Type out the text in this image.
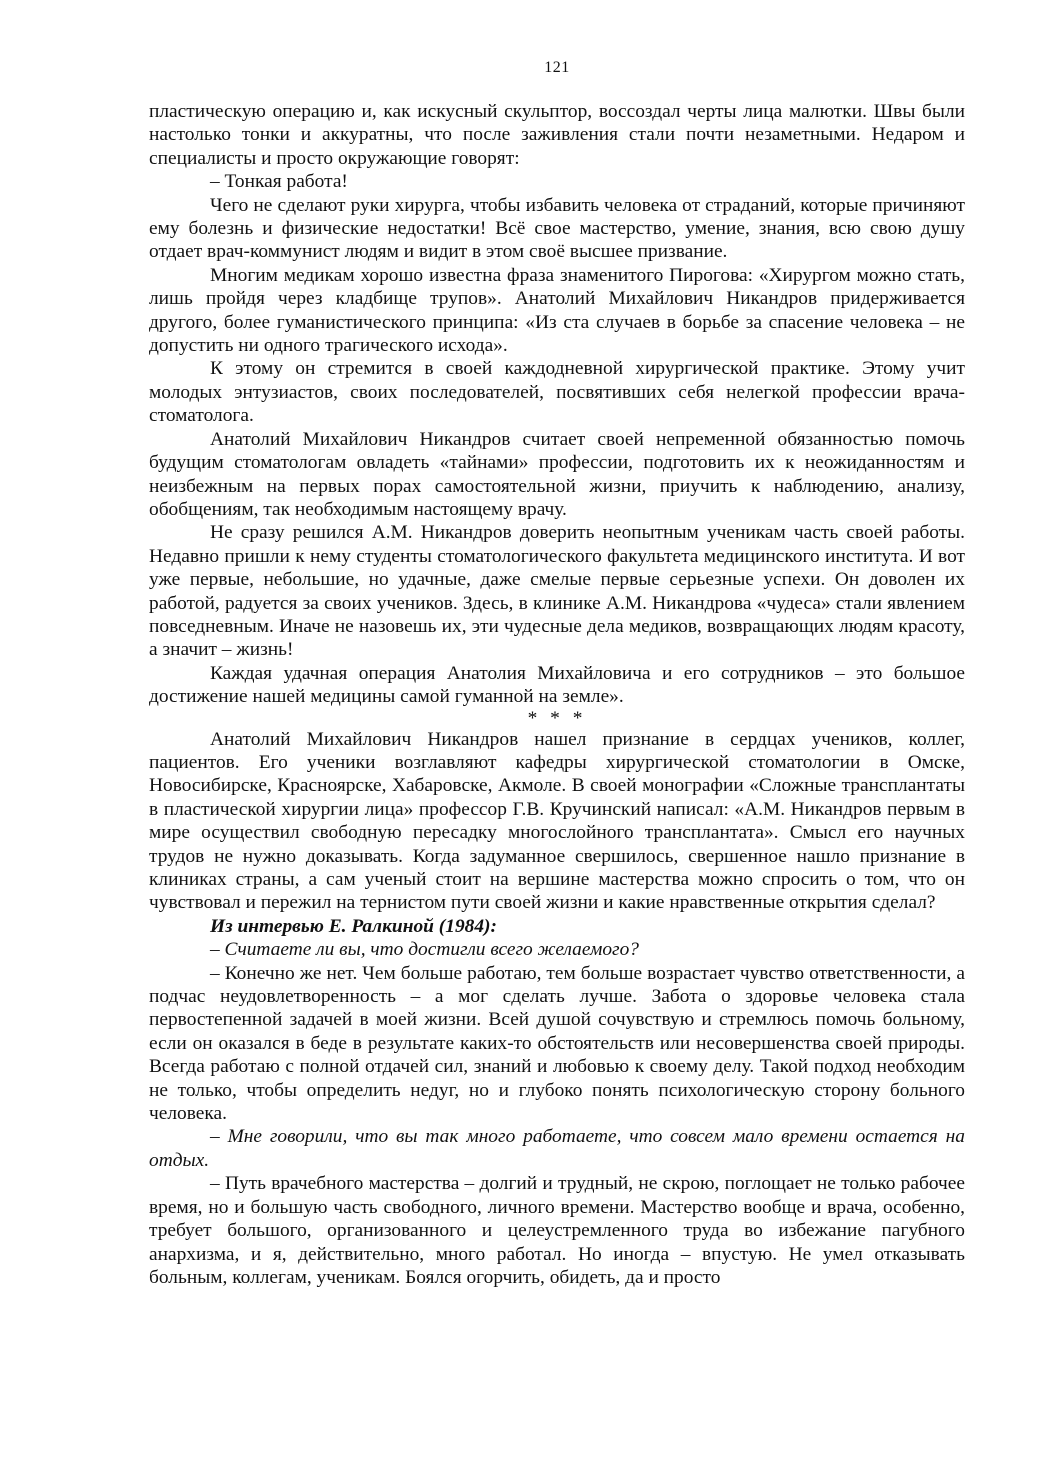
121

пластическую операцию и, как искусный скульптор, воссоздал черты лица малютки. Швы были настолько тонки и аккуратны, что после заживления стали почти незаметными. Недаром и специалисты и просто окружающие говорят:

– Тонкая работа!

Чего не сделают руки хирурга, чтобы избавить человека от страданий, которые причиняют ему болезнь и физические недостатки! Всё свое мастерство, умение, знания, всю свою душу отдает врач-коммунист людям и видит в этом своё высшее призвание.

Многим медикам хорошо известна фраза знаменитого Пирогова: «Хирургом можно стать, лишь пройдя через кладбище трупов». Анатолий Михайлович Никандров придерживается другого, более гуманистического принципа: «Из ста случаев в борьбе за спасение человека – не допустить ни одного трагического исхода».

К этому он стремится в своей каждодневной хирургической практике. Этому учит молодых энтузиастов, своих последователей, посвятивших себя нелегкой профессии врача-стоматолога.

Анатолий Михайлович Никандров считает своей непременной обязанностью помочь будущим стоматологам овладеть «тайнами» профессии, подготовить их к неожиданностям и неизбежным на первых порах самостоятельной жизни, приучить к наблюдению, анализу, обобщениям, так необходимым настоящему врачу.

Не сразу решился А.М. Никандров доверить неопытным ученикам часть своей работы. Недавно пришли к нему студенты стоматологического факультета медицинского института. И вот уже первые, небольшие, но удачные, даже смелые первые серьезные успехи. Он доволен их работой, радуется за своих учеников. Здесь, в клинике А.М. Никандрова «чудеса» стали явлением повседневным. Иначе не назовешь их, эти чудесные дела медиков, возвращающих людям красоту, а значит – жизнь!

Каждая удачная операция Анатолия Михайловича и его сотрудников – это большое достижение нашей медицины самой гуманной на земле».

* * *

Анатолий Михайлович Никандров нашел признание в сердцах учеников, коллег, пациентов. Его ученики возглавляют кафедры хирургической стоматологии в Омске, Новосибирске, Красноярске, Хабаровске, Акмоле. В своей монографии «Сложные трансплантаты в пластической хирургии лица» профессор Г.В. Кручинский написал: «А.М. Никандров первым в мире осуществил свободную пересадку многослойного трансплантата». Смысл его научных трудов не нужно доказывать. Когда задуманное свершилось, свершенное нашло признание в клиниках страны, а сам ученый стоит на вершине мастерства можно спросить о том, что он чувствовал и пережил на тернистом пути своей жизни и какие нравственные открытия сделал?

Из интервью Е. Ралкиной (1984):

– Считаете ли вы, что достигли всего желаемого?

– Конечно же нет. Чем больше работаю, тем больше возрастает чувство ответственности, а подчас неудовлетворенность – а мог сделать лучше. Забота о здоровье человека стала первостепенной задачей в моей жизни. Всей душой сочувствую и стремлюсь помочь больному, если он оказался в беде в результате каких-то обстоятельств или несовершенства своей природы. Всегда работаю с полной отдачей сил, знаний и любовью к своему делу. Такой подход необходим не только, чтобы определить недуг, но и глубоко понять психологическую сторону больного человека.

– Мне говорили, что вы так много работаете, что совсем мало времени остается на отдых.

– Путь врачебного мастерства – долгий и трудный, не скрою, поглощает не только рабочее время, но и большую часть свободного, личного времени. Мастерство вообще и врача, особенно, требует большого, организованного и целеустремленного труда во избежание пагубного анархизма, и я, действительно, много работал. Но иногда – впустую. Не умел отказывать больным, коллегам, ученикам. Боялся огорчить, обидеть, да и просто
